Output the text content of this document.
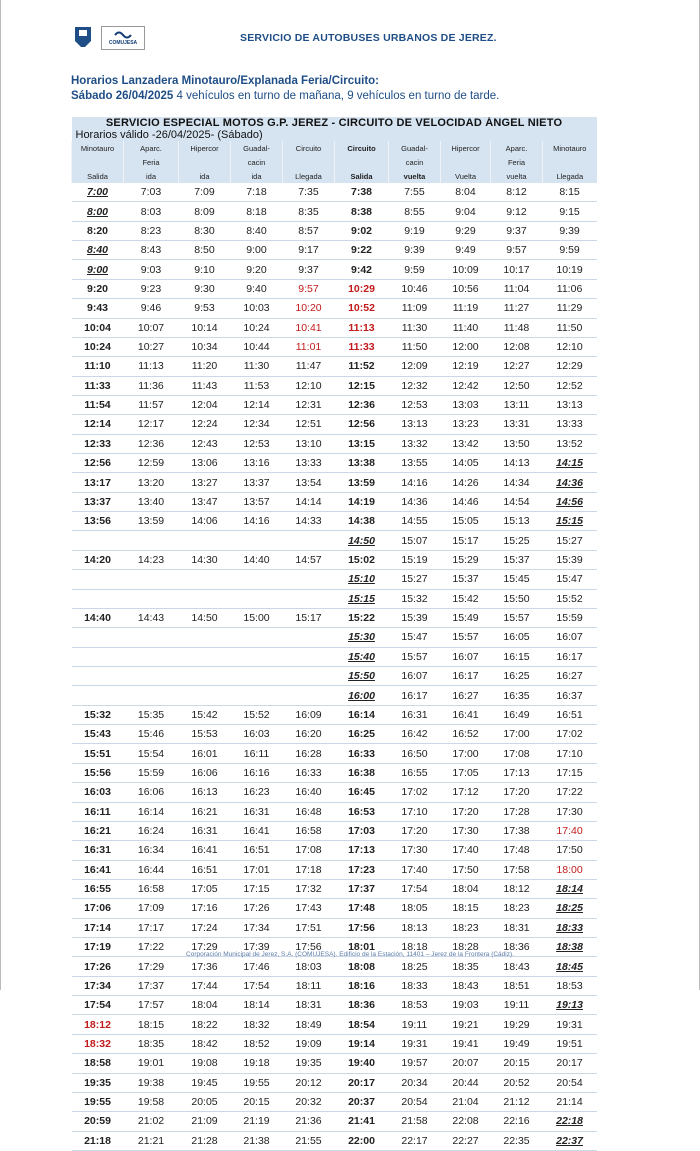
COMUJESA	SERVICIO DE AUTOBUSES URBANOS DE JEREZ.
Horarios Lanzadera Minotauro/Explanada Feria/Circuito:
Sábado 26/04/2025 4 vehículos en turno de mañana, 9 vehículos en turno de tarde.
SERVICIO ESPECIAL MOTOS G.P. JEREZ - CIRCUITO DE VELOCIDAD ÁNGEL NIETO									
Horarios válido -26/04/2025- (Sábado)									
Minotauro	Aparc.	Hipercor	Guadal-	Circuito	Circuito	Guadal-	Hipercor	Aparc.	Minotauro
	Feria		cacin			cacin		Feria	
Salida	ida	ida	ida	Llegada	Salida	vuelta	Vuelta	vuelta	Llegada
7:00	7:03	7:09	7:18	7:35	7:38	7:55	8:04	8:12	8:15
8:00	8:03	8:09	8:18	8:35	8:38	8:55	9:04	9:12	9:15
8:20	8:23	8:30	8:40	8:57	9:02	9:19	9:29	9:37	9:39
8:40	8:43	8:50	9:00	9:17	9:22	9:39	9:49	9:57	9:59
9:00	9:03	9:10	9:20	9:37	9:42	9:59	10:09	10:17	10:19
9:20	9:23	9:30	9:40	9:57	10:29	10:46	10:56	11:04	11:06
9:43	9:46	9:53	10:03	10:20	10:52	11:09	11:19	11:27	11:29
10:04	10:07	10:14	10:24	10:41	11:13	11:30	11:40	11:48	11:50
10:24	10:27	10:34	10:44	11:01	11:33	11:50	12:00	12:08	12:10
11:10	11:13	11:20	11:30	11:47	11:52	12:09	12:19	12:27	12:29
11:33	11:36	11:43	11:53	12:10	12:15	12:32	12:42	12:50	12:52
11:54	11:57	12:04	12:14	12:31	12:36	12:53	13:03	13:11	13:13
12:14	12:17	12:24	12:34	12:51	12:56	13:13	13:23	13:31	13:33
12:33	12:36	12:43	12:53	13:10	13:15	13:32	13:42	13:50	13:52
12:56	12:59	13:06	13:16	13:33	13:38	13:55	14:05	14:13	14:15
13:17	13:20	13:27	13:37	13:54	13:59	14:16	14:26	14:34	14:36
13:37	13:40	13:47	13:57	14:14	14:19	14:36	14:46	14:54	14:56
13:56	13:59	14:06	14:16	14:33	14:38	14:55	15:05	15:13	15:15
					14:50	15:07	15:17	15:25	15:27
14:20	14:23	14:30	14:40	14:57	15:02	15:19	15:29	15:37	15:39
					15:10	15:27	15:37	15:45	15:47
					15:15	15:32	15:42	15:50	15:52
14:40	14:43	14:50	15:00	15:17	15:22	15:39	15:49	15:57	15:59
					15:30	15:47	15:57	16:05	16:07
					15:40	15:57	16:07	16:15	16:17
					15:50	16:07	16:17	16:25	16:27
					16:00	16:17	16:27	16:35	16:37
15:32	15:35	15:42	15:52	16:09	16:14	16:31	16:41	16:49	16:51
15:43	15:46	15:53	16:03	16:20	16:25	16:42	16:52	17:00	17:02
15:51	15:54	16:01	16:11	16:28	16:33	16:50	17:00	17:08	17:10
15:56	15:59	16:06	16:16	16:33	16:38	16:55	17:05	17:13	17:15
16:03	16:06	16:13	16:23	16:40	16:45	17:02	17:12	17:20	17:22
16:11	16:14	16:21	16:31	16:48	16:53	17:10	17:20	17:28	17:30
16:21	16:24	16:31	16:41	16:58	17:03	17:20	17:30	17:38	17:40
16:31	16:34	16:41	16:51	17:08	17:13	17:30	17:40	17:48	17:50
16:41	16:44	16:51	17:01	17:18	17:23	17:40	17:50	17:58	18:00
16:55	16:58	17:05	17:15	17:32	17:37	17:54	18:04	18:12	18:14
17:06	17:09	17:16	17:26	17:43	17:48	18:05	18:15	18:23	18:25
17:14	17:17	17:24	17:34	17:51	17:56	18:13	18:23	18:31	18:33
17:19	17:22	17:29	17:39	17:56	18:01	18:18	18:28	18:36	18:38
17:26	17:29	17:36	17:46	18:03	18:08	18:25	18:35	18:43	18:45
17:34	17:37	17:44	17:54	18:11	18:16	18:33	18:43	18:51	18:53
17:54	17:57	18:04	18:14	18:31	18:36	18:53	19:03	19:11	19:13
18:12	18:15	18:22	18:32	18:49	18:54	19:11	19:21	19:29	19:31
18:32	18:35	18:42	18:52	19:09	19:14	19:31	19:41	19:49	19:51
18:58	19:01	19:08	19:18	19:35	19:40	19:57	20:07	20:15	20:17
19:35	19:38	19:45	19:55	20:12	20:17	20:34	20:44	20:52	20:54
19:55	19:58	20:05	20:15	20:32	20:37	20:54	21:04	21:12	21:14
20:59	21:02	21:09	21:19	21:36	21:41	21:58	22:08	22:16	22:18
21:18	21:21	21:28	21:38	21:55	22:00	22:17	22:27	22:35	22:37
Corporación Municipal de Jerez, S.A. (COMUJESA). Edificio de la Estación, 11401 – Jerez de la Frontera (Cádiz).
